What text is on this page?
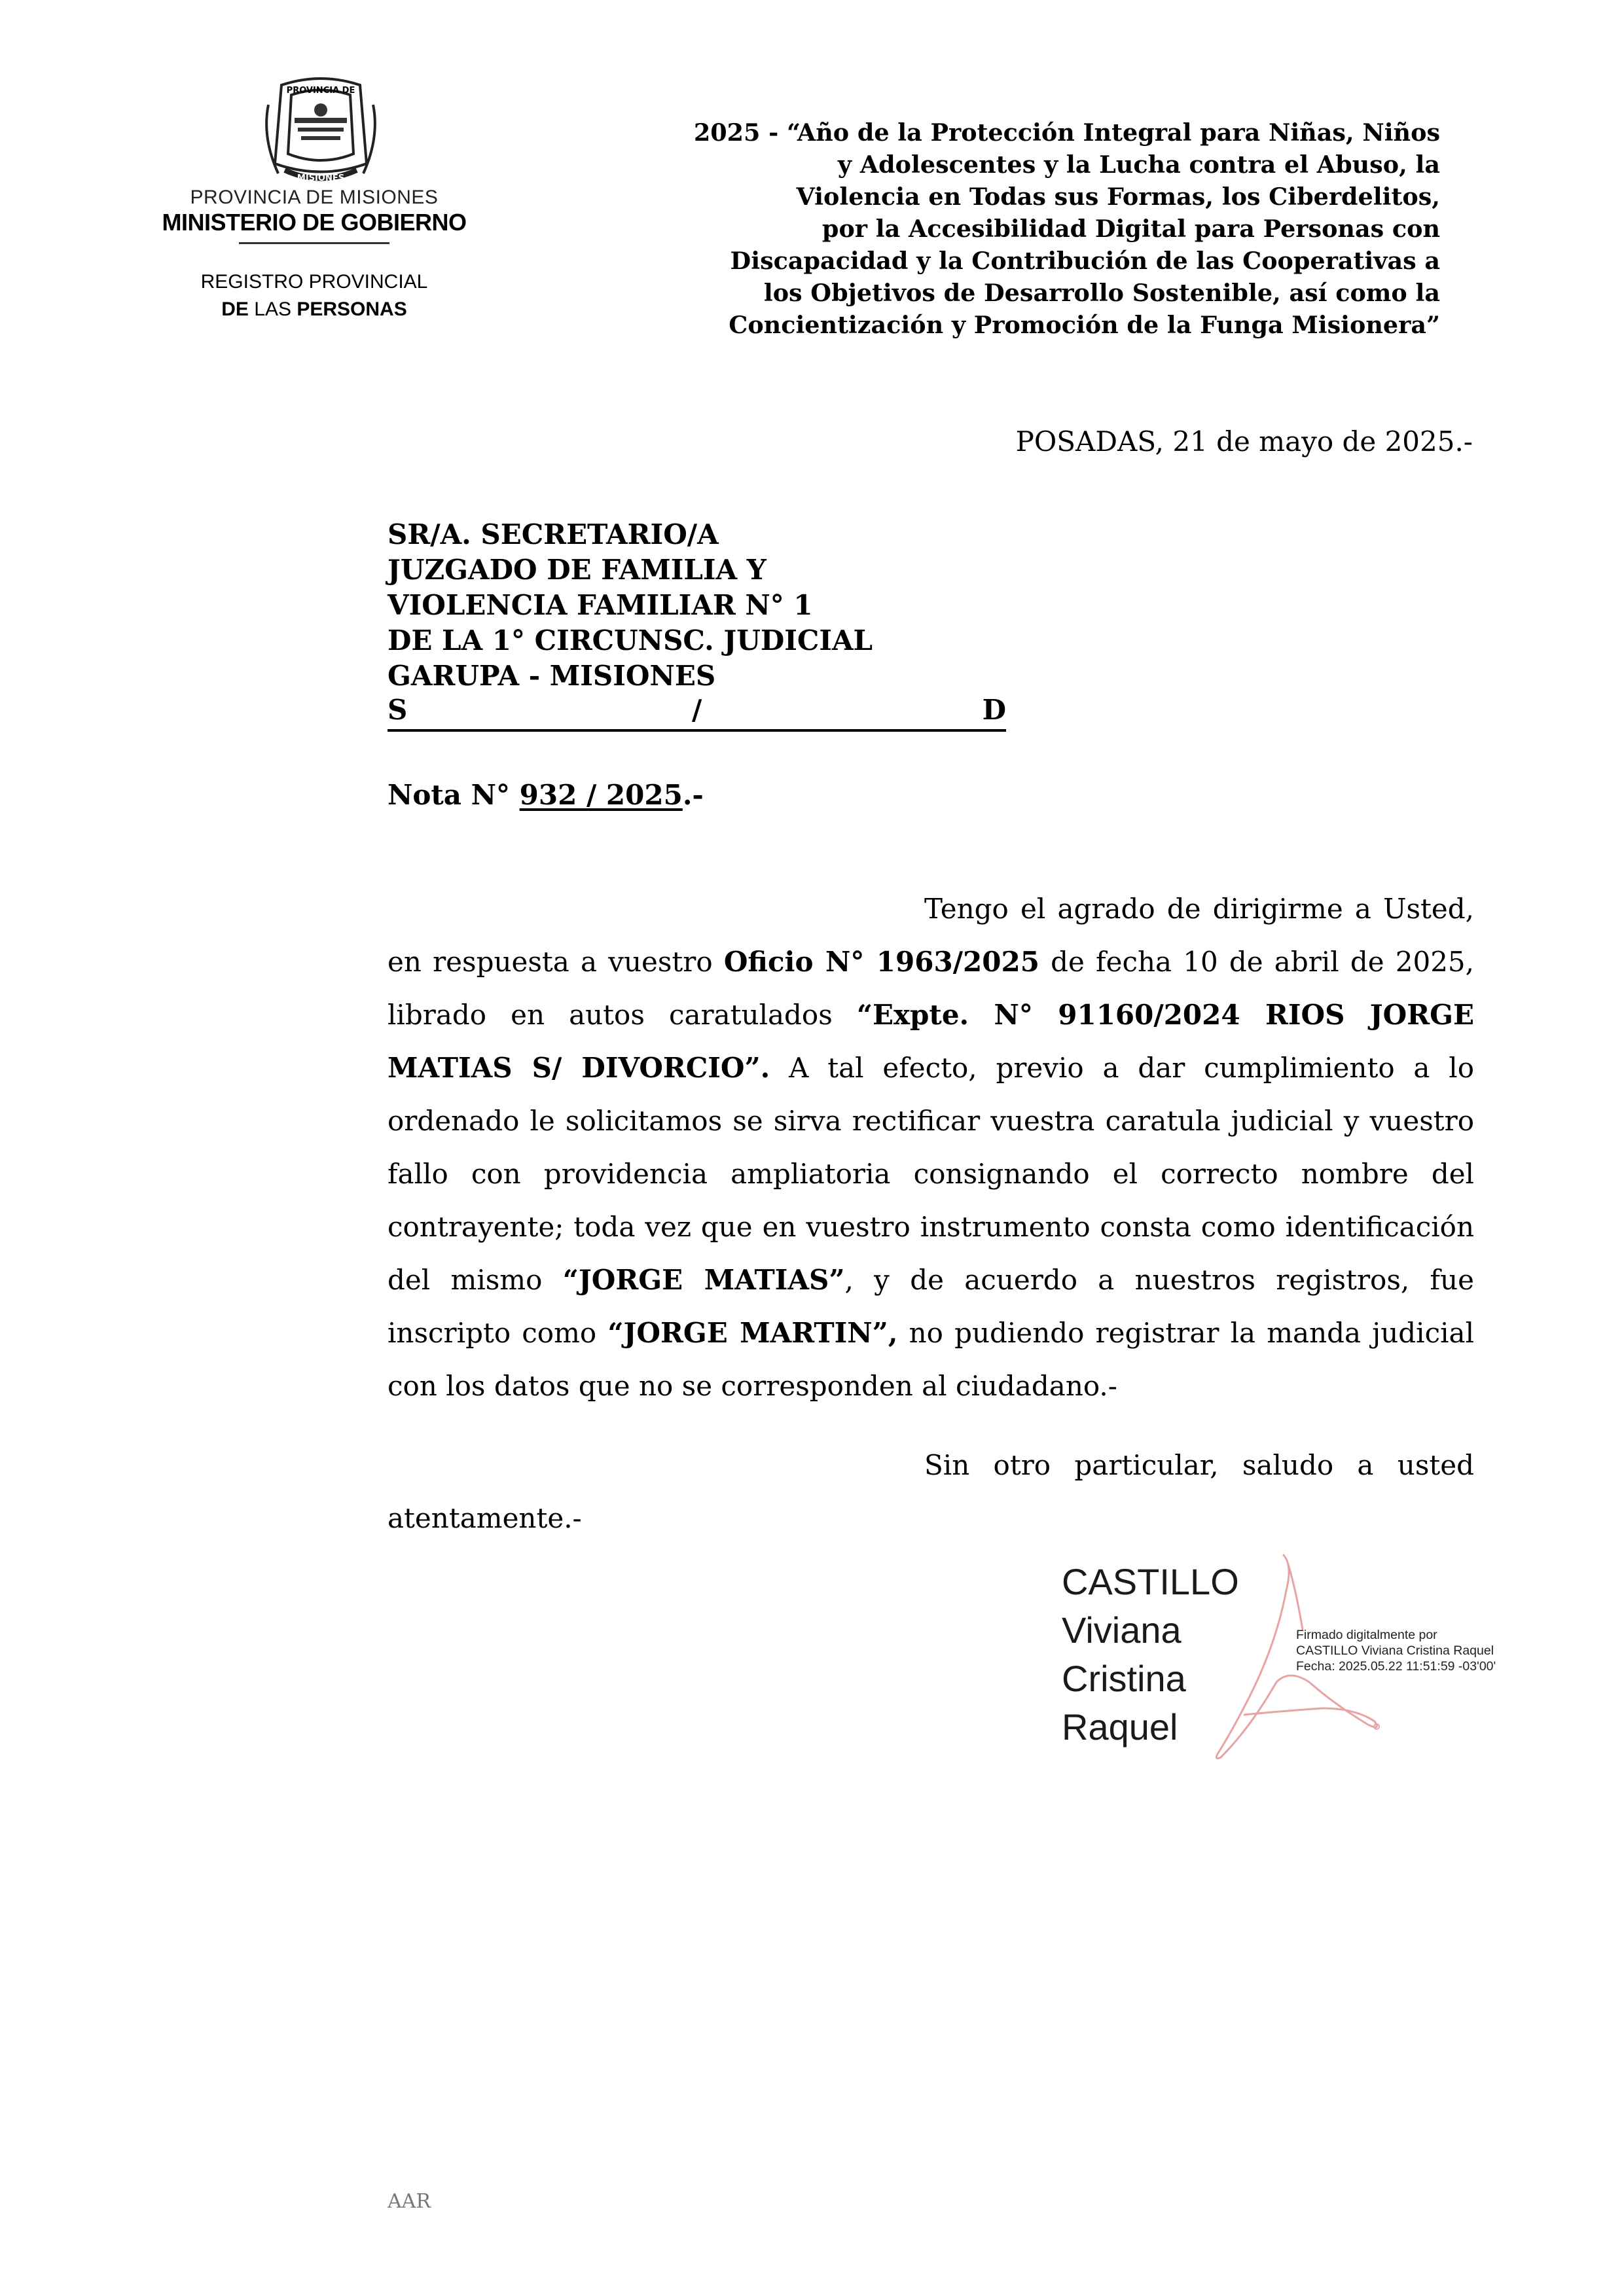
PROVINCIA DE
MISIONES
PROVINCIA DE MISIONES
MINISTERIO DE GOBIERNO
REGISTRO PROVINCIAL
DE LAS PERSONAS
2025 - “Año de la Protección Integral para Niñas, Niños
y Adolescentes y la Lucha contra el Abuso, la
Violencia en Todas sus Formas, los Ciberdelitos,
por la Accesibilidad Digital para Personas con
Discapacidad y la Contribución de las Cooperativas a
los Objetivos de Desarrollo Sostenible, así como la
Concientización y Promoción de la Funga Misionera”
POSADAS, 21 de mayo de 2025.-
SR/A. SECRETARIO/A
JUZGADO DE FAMILIA Y
VIOLENCIA FAMILIAR N° 1
DE LA 1° CIRCUNSC. JUDICIAL
GARUPA - MISIONES
S	/	D
Nota N° 932 / 2025.-
Tengo el agrado de dirigirme a Usted, en respuesta a vuestro Oficio N° 1963/2025 de fecha 10 de abril de 2025, librado en autos caratulados “Expte. N° 91160/2024 RIOS JORGE MATIAS S/ DIVORCIO”. A tal efecto, previo a dar cumplimiento a lo ordenado le solicitamos se sirva rectificar vuestra caratula judicial y vuestro fallo con providencia ampliatoria consignando el correcto nombre del contrayente; toda vez que en vuestro instrumento consta como identificación del mismo “JORGE MATIAS”, y de acuerdo a nuestros registros, fue inscripto como “JORGE MARTIN”, no pudiendo registrar la manda judicial con los datos que no se corresponden al ciudadano.-
Sin otro particular, saludo a usted atentamente.-
CASTILLO
Viviana
Cristina
Raquel
Firmado digitalmente por
CASTILLO Viviana Cristina Raquel
Fecha: 2025.05.22 11:51:59 -03'00'
AAR
